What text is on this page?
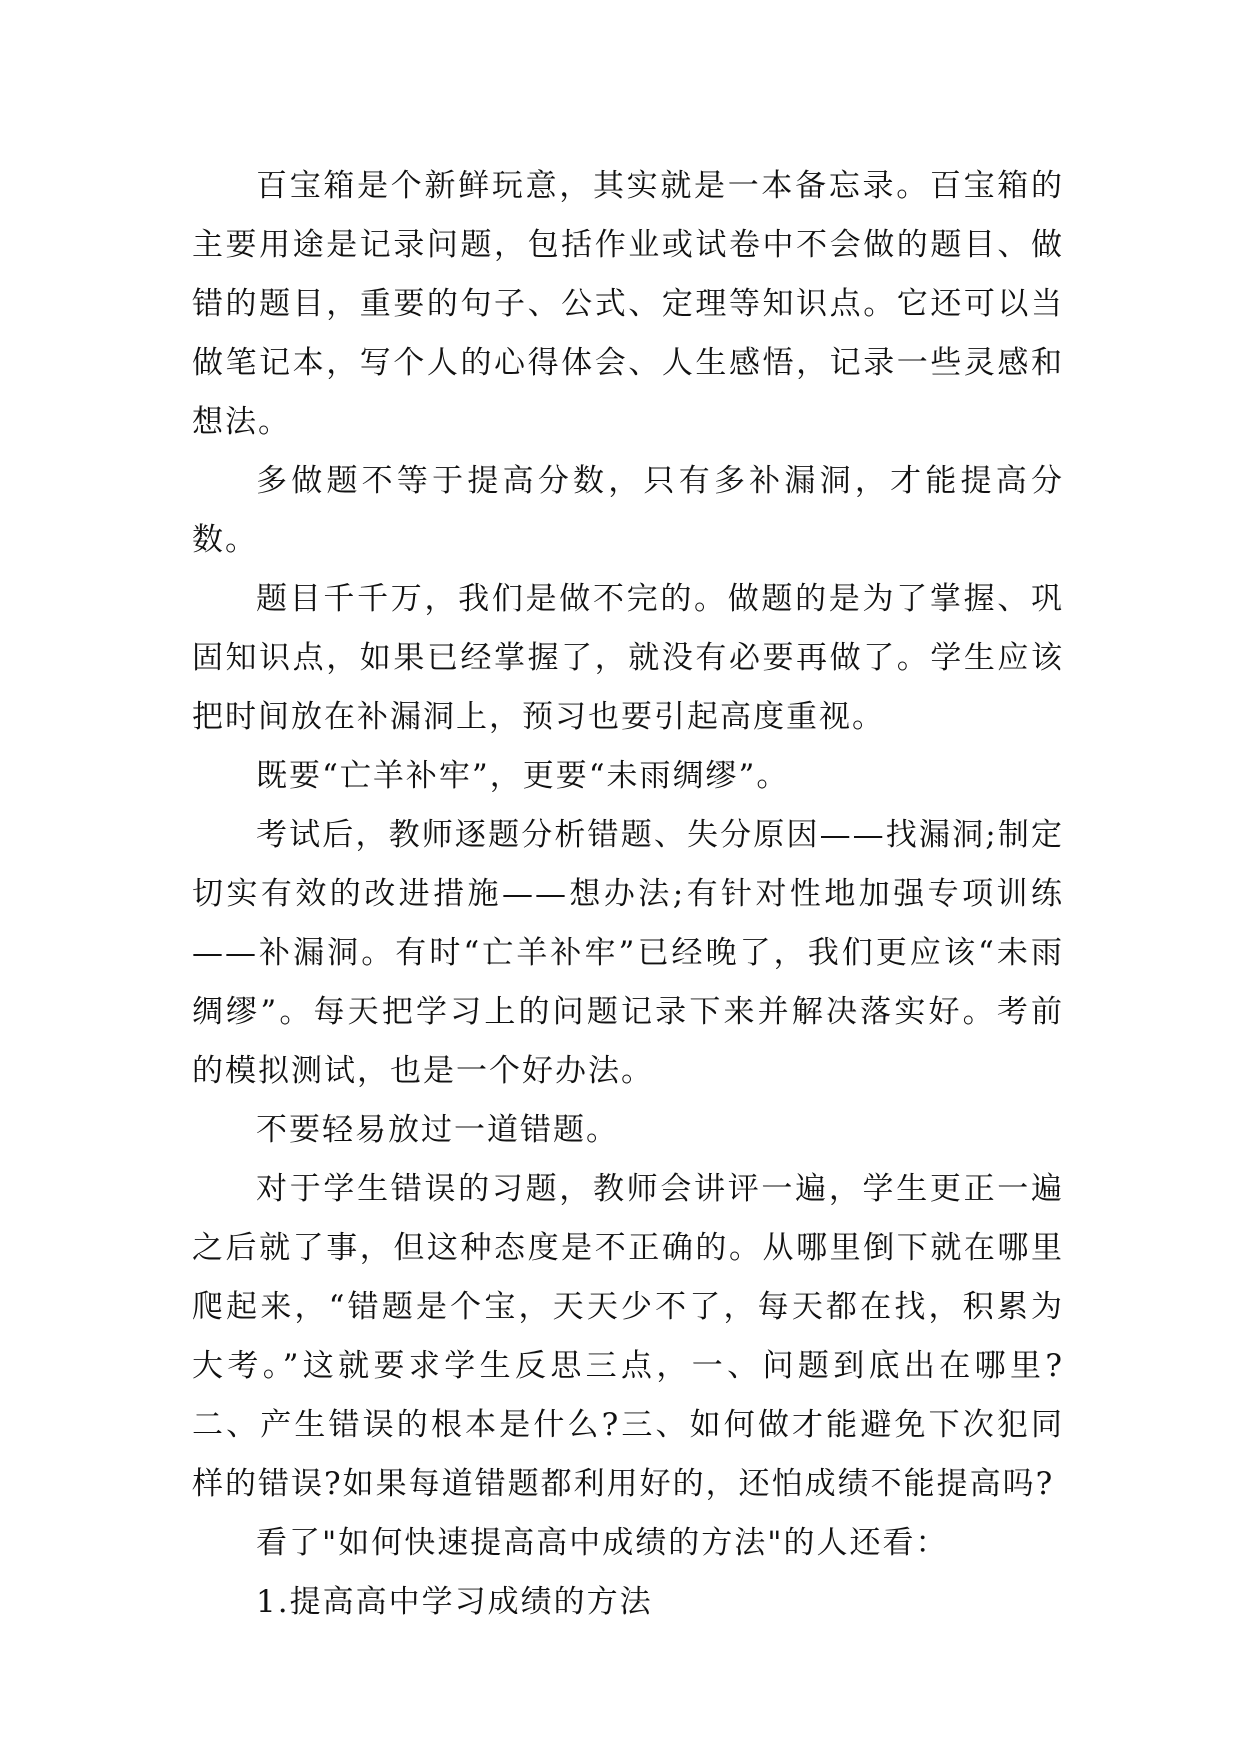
百宝箱是个新鲜玩意，其实就是一本备忘录。百宝箱的主要用途是记录问题，包括作业或试卷中不会做的题目、做错的题目，重要的句子、公式、定理等知识点。它还可以当做笔记本，写个人的心得体会、人生感悟，记录一些灵感和想法。

多做题不等于提高分数，只有多补漏洞，才能提高分数。

题目千千万，我们是做不完的。做题的是为了掌握、巩固知识点，如果已经掌握了，就没有必要再做了。学生应该把时间放在补漏洞上，预习也要引起高度重视。

既要“亡羊补牢”，更要“未雨绸缪”。

考试后，教师逐题分析错题、失分原因——找漏洞;制定切实有效的改进措施——想办法;有针对性地加强专项训练——补漏洞。有时“亡羊补牢”已经晚了，我们更应该“未雨绸缪”。每天把学习上的问题记录下来并解决落实好。考前的模拟测试，也是一个好办法。

不要轻易放过一道错题。

对于学生错误的习题，教师会讲评一遍，学生更正一遍之后就了事，但这种态度是不正确的。从哪里倒下就在哪里爬起来，“错题是个宝，天天少不了，每天都在找，积累为大考。”这就要求学生反思三点，一、问题到底出在哪里?二、产生错误的根本是什么?三、如何做才能避免下次犯同样的错误?如果每道错题都利用好的，还怕成绩不能提高吗?

看了"如何快速提高高中成绩的方法"的人还看：

1.提高高中学习成绩的方法
